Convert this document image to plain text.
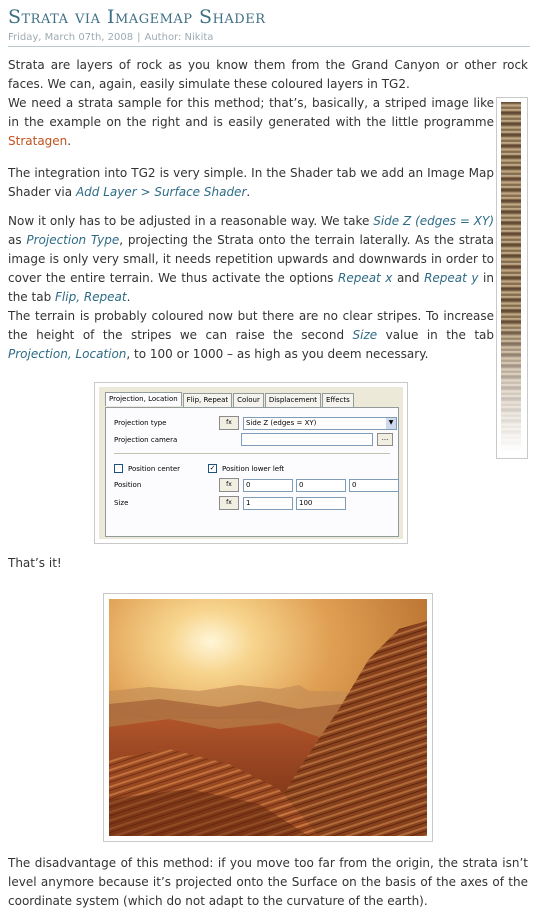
Strata via Imagemap Shader
Friday, March 07th, 2008 | Author: Nikita

Strata are layers of rock as you know them from the Grand Canyon or other rock faces. We can, again, easily simulate these coloured layers in TG2.

We need a strata sample for this method; that’s, basically, a striped image like in the example on the right and is easily generated with the little programme Stratagen.

The integration into TG2 is very simple. In the Shader tab we add an Image Map Shader via Add Layer > Surface Shader.

Now it only has to be adjusted in a reasonable way. We take Side Z (edges = XY) as Projection Type, projecting the Strata onto the terrain laterally. As the strata image is only very small, it needs repetition upwards and downwards in order to cover the entire terrain. We thus activate the options Repeat x and Repeat y in the tab Flip, Repeat.
The terrain is probably coloured now but there are no clear stripes. To increase the height of the stripes we can raise the second Size value in the tab Projection, Location, to 100 or 1000 – as high as you deem necessary.

Projection, Location	Flip, Repeat	Colour	Displacement	Effects
Projection type	fx	Side Z (edges = XY)	▼
Projection camera	...
Position center	✓ Position lower left
Position	fx	0	0	0
Size	fx	1	100

That’s it!

The disadvantage of this method: if you move too far from the origin, the strata isn’t level anymore because it’s projected onto the Surface on the basis of the axes of the coordinate system (which do not adapt to the curvature of the earth).
